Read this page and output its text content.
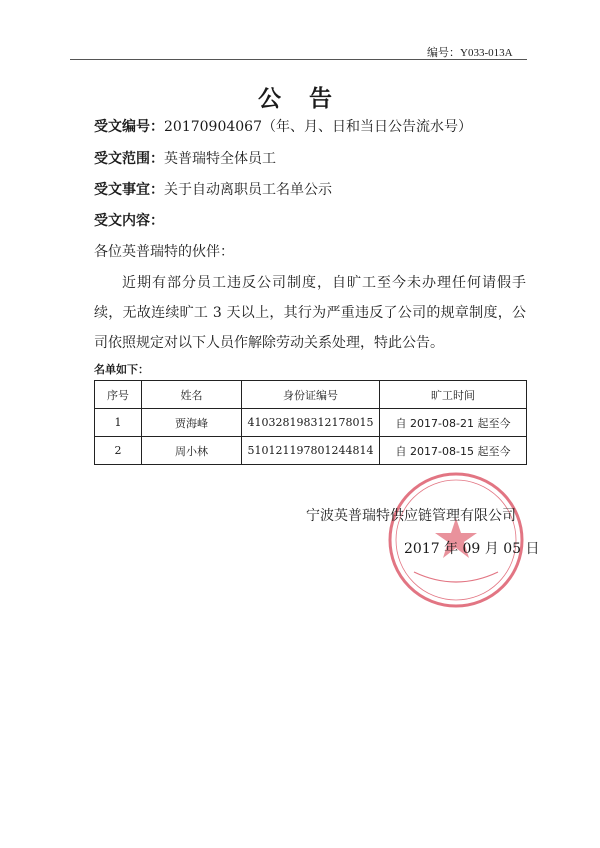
编号：Y033-013A
公 告
受文编号：20170904067（年、月、日和当日公告流水号）
受文范围：英普瑞特全体员工
受文事宜：关于自动离职员工名单公示
受文内容：
各位英普瑞特的伙伴：

近期有部分员工违反公司制度，自旷工至今未办理任何请假手续，无故连续旷工 3 天以上，其行为严重违反了公司的规章制度，公司依照规定对以下人员作解除劳动关系处理，特此公告。

名单如下：
序号	姓名	身份证编号	旷工时间
1	贾海峰	410328198312178015	自 2017-08-21 起至今
2	周小林	510121197801244814	自 2017-08-15 起至今
宁波英普瑞特供应链管理有限公司
2017 年 09 月 05 日
